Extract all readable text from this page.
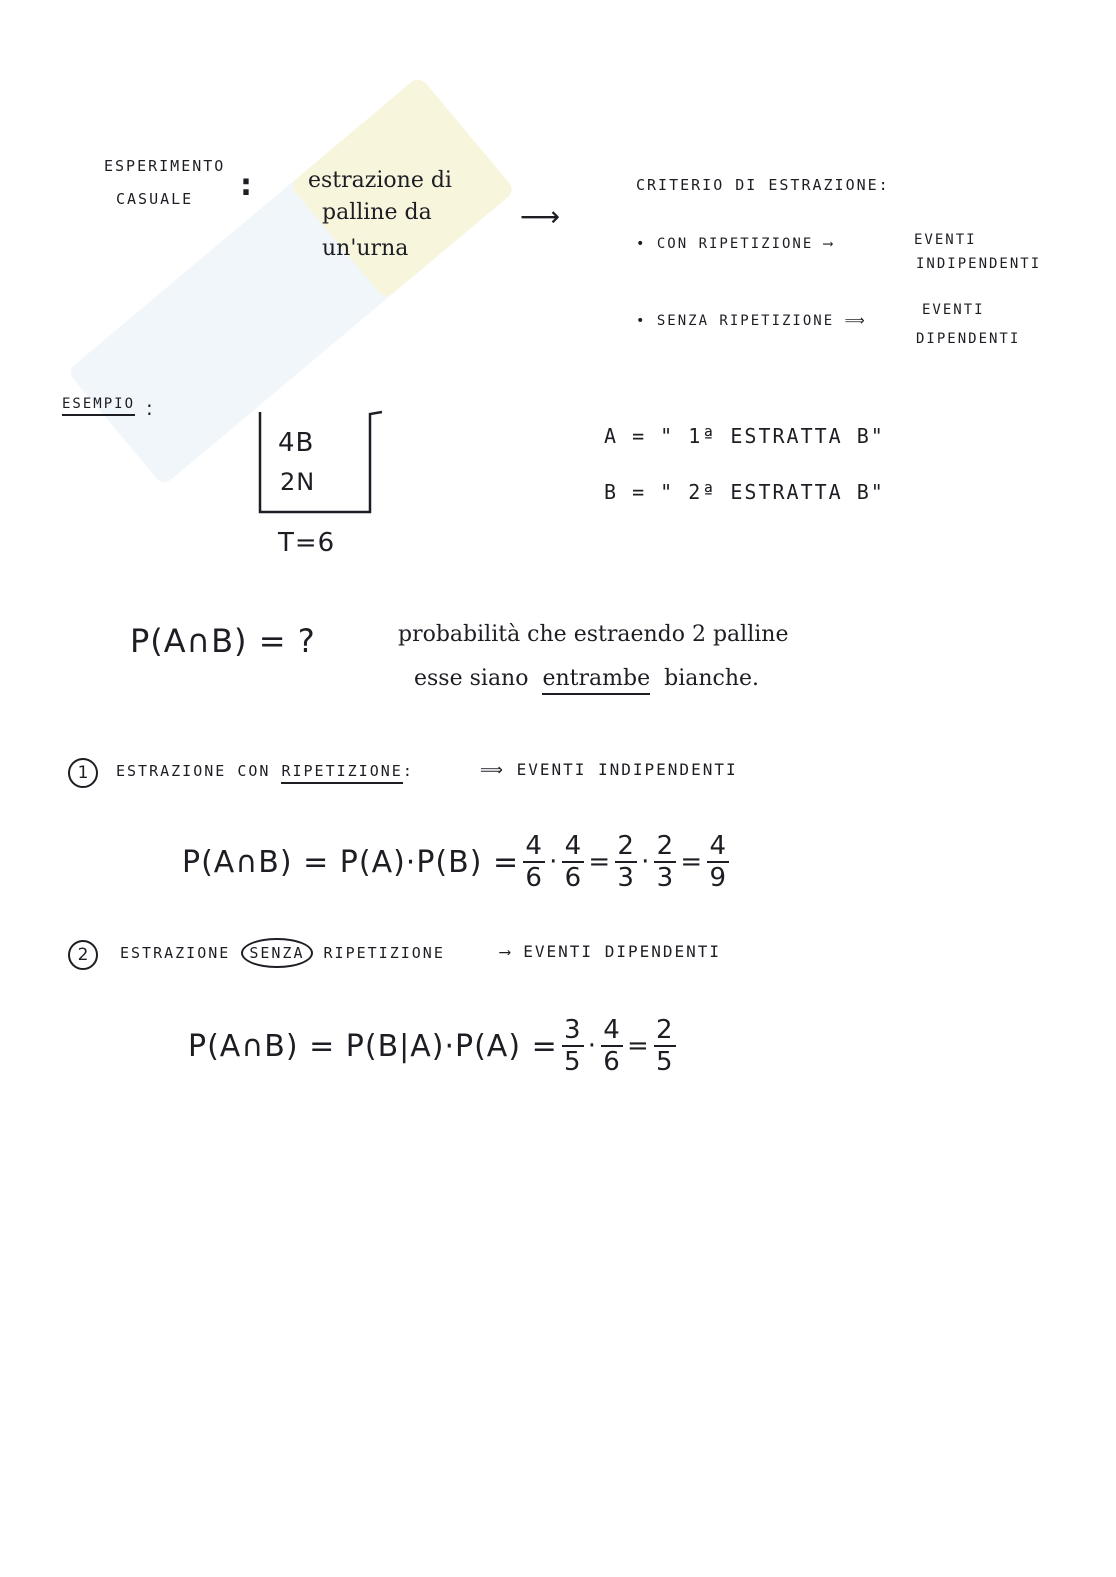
ESPERIMENTO
CASUALE :	estrazione di
palline da
un'urna
⟶
CRITERIO DI ESTRAZIONE:
• CON RIPETIZIONE ⟶	EVENTI
INDIPENDENTI
• SENZA RIPETIZIONE ⟹
EVENTI
DIPENDENTI
ESEMPIO :
4B
2N
T=6
A = " 1ª ESTRATTA B"
B = " 2ª ESTRATTA B"
P(A∩B) = ?	probabilità che estraendo 2 palline
esse siano entrambe bianche.
1	ESTRAZIONE CON RIPETIZIONE:	⟹ EVENTI INDIPENDENTI
P(A∩B) = $P(A)\cdot P(B) = \frac{4}{6} \cdot \frac{4}{6} = \frac{2}{3} \cdot \frac{2}{3} = \frac{4}{9}$
2	ESTRAZIONE SENZA RIPETIZIONE	⟶ EVENTI DIPENDENTI
P(A∩B) = $P(B|A)\cdot P(A) = \frac{3}{5} \cdot \frac{4}{6} = \frac{2}{5}$
